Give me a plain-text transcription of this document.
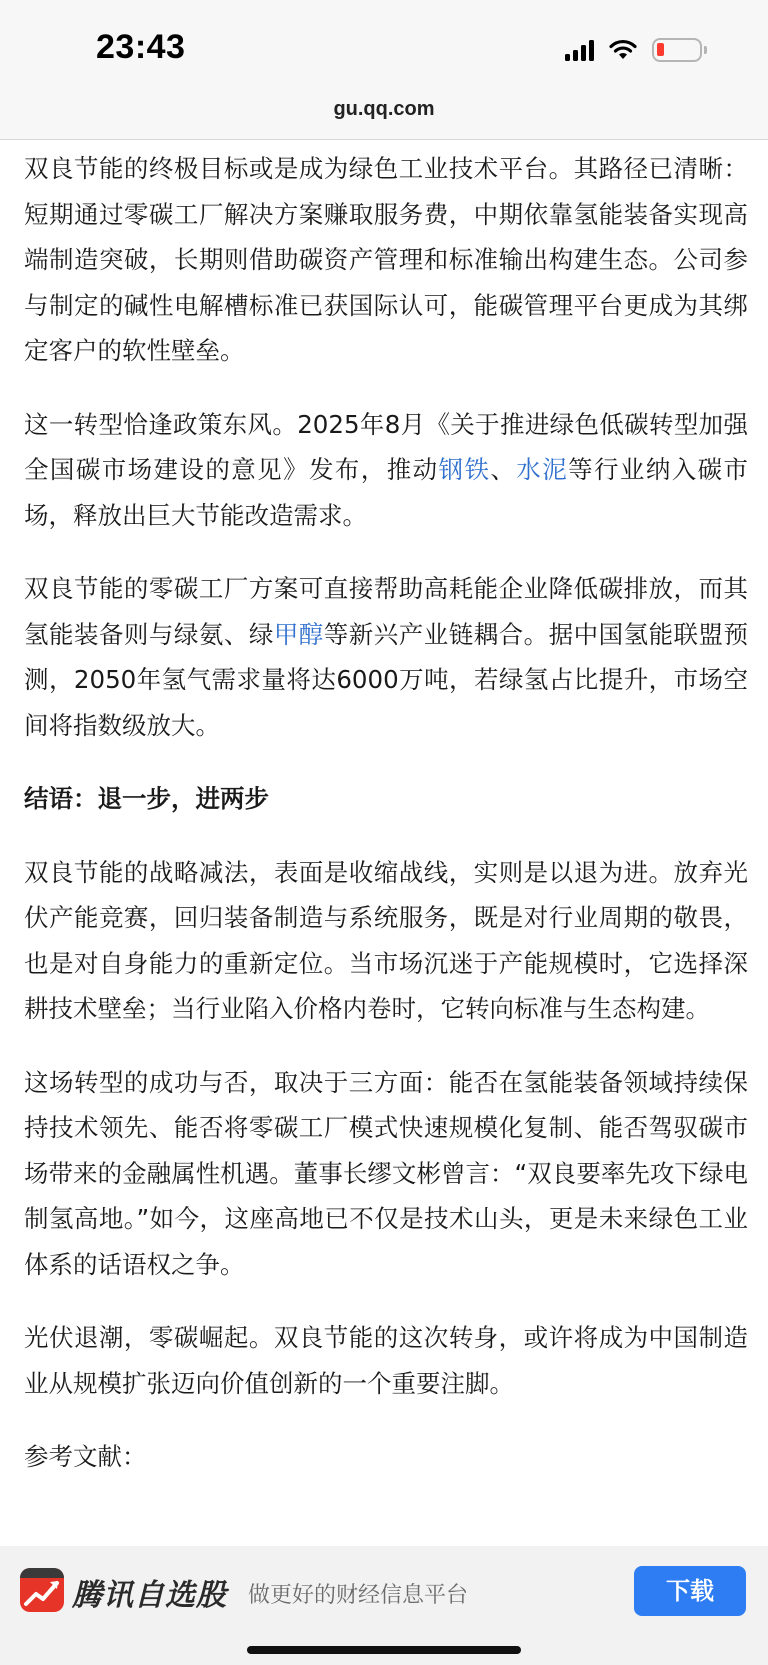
23:43
gu.qq.com

双良节能的终极目标或是成为绿色工业技术平台。其路径已清晰：短期通过零碳工厂解决方案赚取服务费，中期依靠氢能装备实现高端制造突破，长期则借助碳资产管理和标准输出构建生态。公司参与制定的碱性电解槽标准已获国际认可，能碳管理平台更成为其绑定客户的软性壁垒。

这一转型恰逢政策东风。2025年8月《关于推进绿色低碳转型加强全国碳市场建设的意见》发布，推动钢铁、水泥等行业纳入碳市场，释放出巨大节能改造需求。

双良节能的零碳工厂方案可直接帮助高耗能企业降低碳排放，而其氢能装备则与绿氨、绿甲醇等新兴产业链耦合。据中国氢能联盟预测，2050年氢气需求量将达6000万吨，若绿氢占比提升，市场空间将指数级放大。

结语：退一步，进两步

双良节能的战略减法，表面是收缩战线，实则是以退为进。放弃光伏产能竞赛，回归装备制造与系统服务，既是对行业周期的敬畏，也是对自身能力的重新定位。当市场沉迷于产能规模时，它选择深耕技术壁垒；当行业陷入价格内卷时，它转向标准与生态构建。

这场转型的成功与否，取决于三方面：能否在氢能装备领域持续保持技术领先、能否将零碳工厂模式快速规模化复制、能否驾驭碳市场带来的金融属性机遇。董事长缪文彬曾言：“双良要率先攻下绿电制氢高地。”如今，这座高地已不仅是技术山头，更是未来绿色工业体系的话语权之争。

光伏退潮，零碳崛起。双良节能的这次转身，或许将成为中国制造业从规模扩张迈向价值创新的一个重要注脚。

参考文献：

腾讯自选股 做更好的财经信息平台	下载
